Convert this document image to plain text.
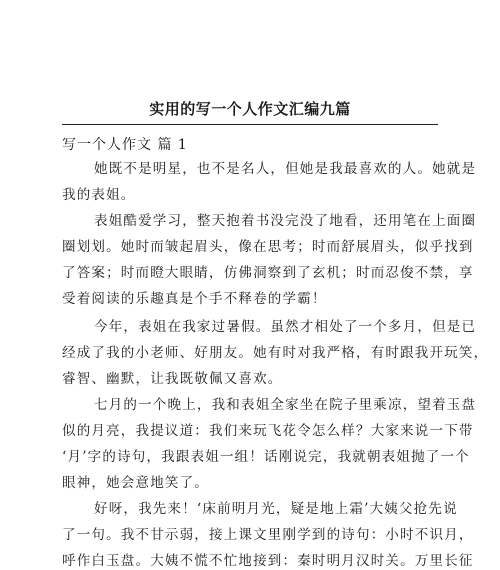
实用的写一个人作文汇编九篇
写一个人作文 篇 1
她既不是明星，也不是名人，但她是我最喜欢的人。她就是
我的表姐。
表姐酷爱学习，整天抱着书没完没了地看，还用笔在上面圈
圈划划。她时而皱起眉头，像在思考；时而舒展眉头，似乎找到
了答案；时而瞪大眼睛，仿佛洞察到了玄机；时而忍俊不禁，享
受着阅读的乐趣真是个手不释卷的学霸！
今年，表姐在我家过暑假。虽然才相处了一个多月，但是已
经成了我的小老师、好朋友。她有时对我严格，有时跟我开玩笑，
睿智、幽默，让我既敬佩又喜欢。
七月的一个晚上，我和表姐全家坐在院子里乘凉，望着玉盘
似的月亮，我提议道：我们来玩飞花令怎么样？大家来说一下带
‘月’字的诗句，我跟表姐一组！话刚说完，我就朝表姐抛了一个
眼神，她会意地笑了。
好呀，我先来！‘床前明月光，疑是地上霜’大姨父抢先说
了一句。我不甘示弱，接上课文里刚学到的诗句：小时不识月，
呼作白玉盘。大姨不慌不忙地接到：秦时明月汉时关。万里长征
